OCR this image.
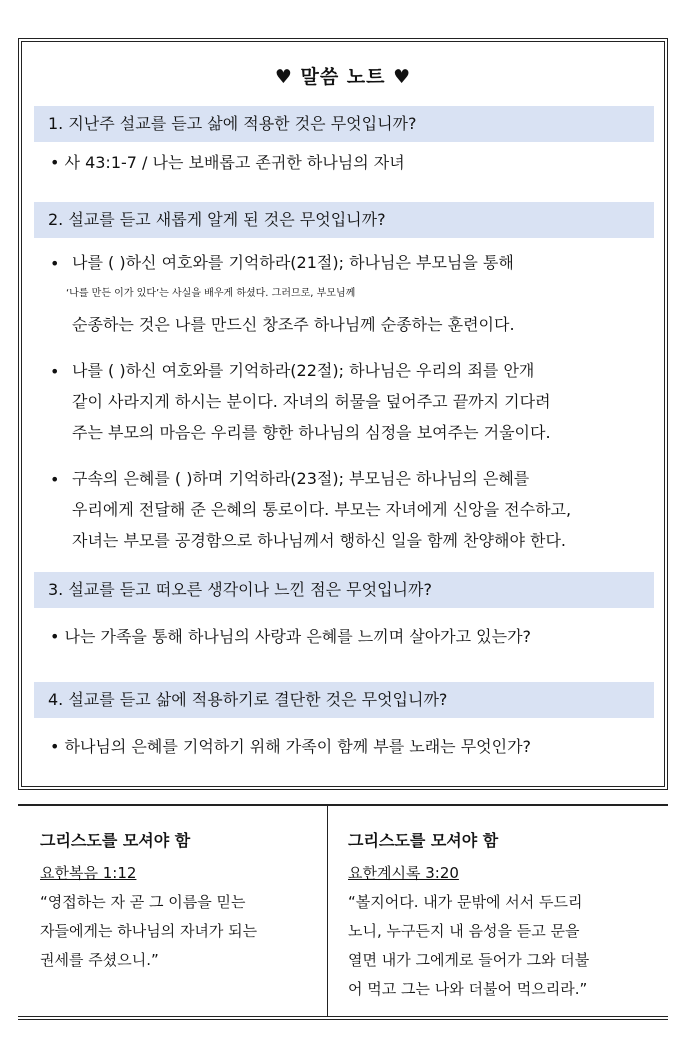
♥ 말씀 노트 ♥
1. 지난주 설교를 듣고 삶에 적용한 것은 무엇입니까?
• 사 43:1-7 / 나는 보배롭고 존귀한 하나님의 자녀
2. 설교를 듣고 새롭게 알게 된 것은 무엇입니까?
• 나를 ( )하신 여호와를 기억하라(21절); 하나님은 부모님을 통해
‘나를 만든 이가 있다’는 사실을 배우게 하셨다. 그러므로, 부모님께
순종하는 것은 나를 만드신 창조주 하나님께 순종하는 훈련이다.
• 나를 ( )하신 여호와를 기억하라(22절); 하나님은 우리의 죄를 안개
같이 사라지게 하시는 분이다. 자녀의 허물을 덮어주고 끝까지 기다려
주는 부모의 마음은 우리를 향한 하나님의 심정을 보여주는 거울이다.
• 구속의 은혜를 ( )하며 기억하라(23절); 부모님은 하나님의 은혜를
우리에게 전달해 준 은혜의 통로이다. 부모는 자녀에게 신앙을 전수하고,
자녀는 부모를 공경함으로 하나님께서 행하신 일을 함께 찬양해야 한다.
3. 설교를 듣고 떠오른 생각이나 느낀 점은 무엇입니까?
• 나는 가족을 통해 하나님의 사랑과 은혜를 느끼며 살아가고 있는가?
4. 설교를 듣고 삶에 적용하기로 결단한 것은 무엇입니까?
• 하나님의 은혜를 기억하기 위해 가족이 함께 부를 노래는 무엇인가?
그리스도를 모셔야 함
요한복음 1:12
“영접하는 자 곧 그 이름을 믿는
자들에게는 하나님의 자녀가 되는
권세를 주셨으니.”
그리스도를 모셔야 함
요한계시록 3:20
“볼지어다. 내가 문밖에 서서 두드리
노니, 누구든지 내 음성을 듣고 문을
열면 내가 그에게로 들어가 그와 더불
어 먹고 그는 나와 더불어 먹으리라.”
